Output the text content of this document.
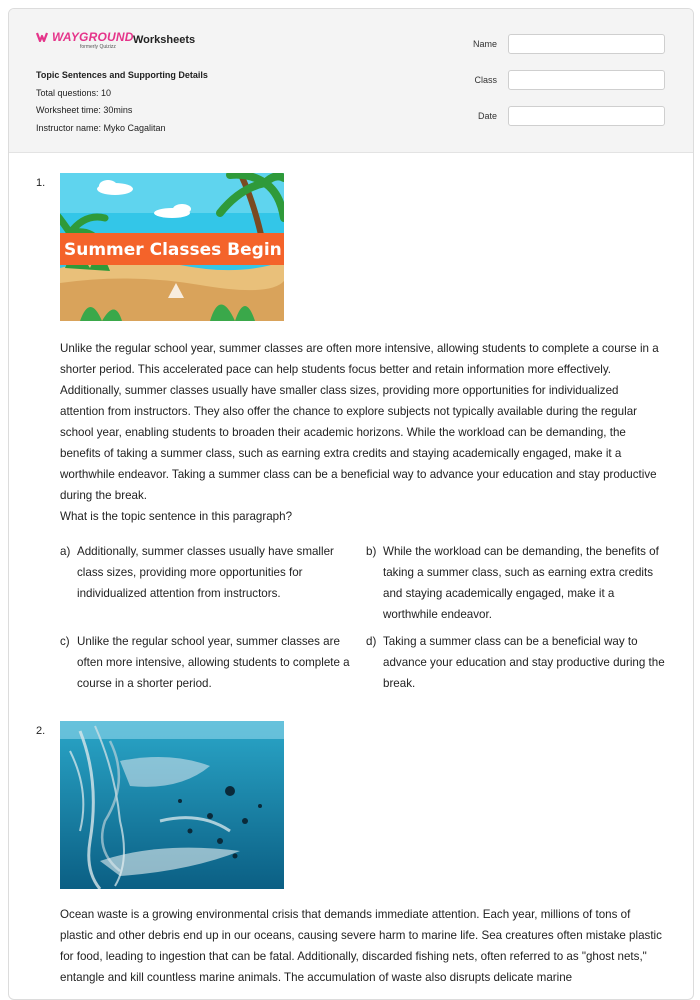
WAYGROUND
formerly Quizizz
Worksheets
Topic Sentences and Supporting Details
Total questions: 10
Worksheet time: 30mins
Instructor name: Myko Cagalitan
Name
Class
Date
1.
Summer Classes Begin
Unlike the regular school year, summer classes are often more intensive, allowing students to complete a course in a shorter period. This accelerated pace can help students focus better and retain information more effectively. Additionally, summer classes usually have smaller class sizes, providing more opportunities for individualized attention from instructors. They also offer the chance to explore subjects not typically available during the regular school year, enabling students to broaden their academic horizons. While the workload can be demanding, the benefits of taking a summer class, such as earning extra credits and staying academically engaged, make it a worthwhile endeavor. Taking a summer class can be a beneficial way to advance your education and stay productive during the break.
What is the topic sentence in this paragraph?
a) Additionally, summer classes usually have smaller class sizes, providing more opportunities for individualized attention from instructors.
b) While the workload can be demanding, the benefits of taking a summer class, such as earning extra credits and staying academically engaged, make it a worthwhile endeavor.
c) Unlike the regular school year, summer classes are often more intensive, allowing students to complete a course in a shorter period.
d) Taking a summer class can be a beneficial way to advance your education and stay productive during the break.
2.
Ocean waste is a growing environmental crisis that demands immediate attention. Each year, millions of tons of plastic and other debris end up in our oceans, causing severe harm to marine life. Sea creatures often mistake plastic for food, leading to ingestion that can be fatal. Additionally, discarded fishing nets, often referred to as "ghost nets," entangle and kill countless marine animals. The accumulation of waste also disrupts delicate marine
